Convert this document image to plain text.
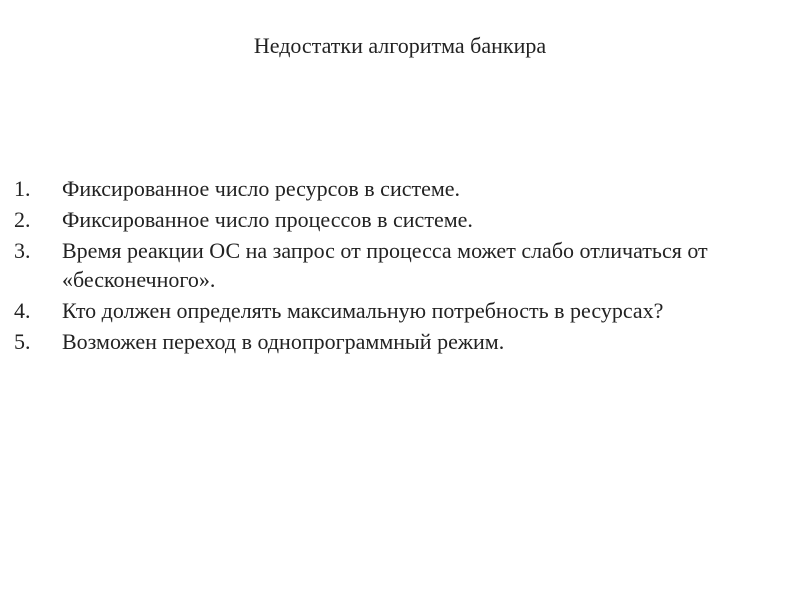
Недостатки алгоритма банкира
1.	Фиксированное число ресурсов в системе.
2.	Фиксированное число процессов в системе.
3.	Время реакции ОС на запрос от процесса может слабо отличаться от «бесконечного».
4.	Кто должен определять максимальную потребность в ресурсах?
5.	Возможен переход в однопрограммный режим.
